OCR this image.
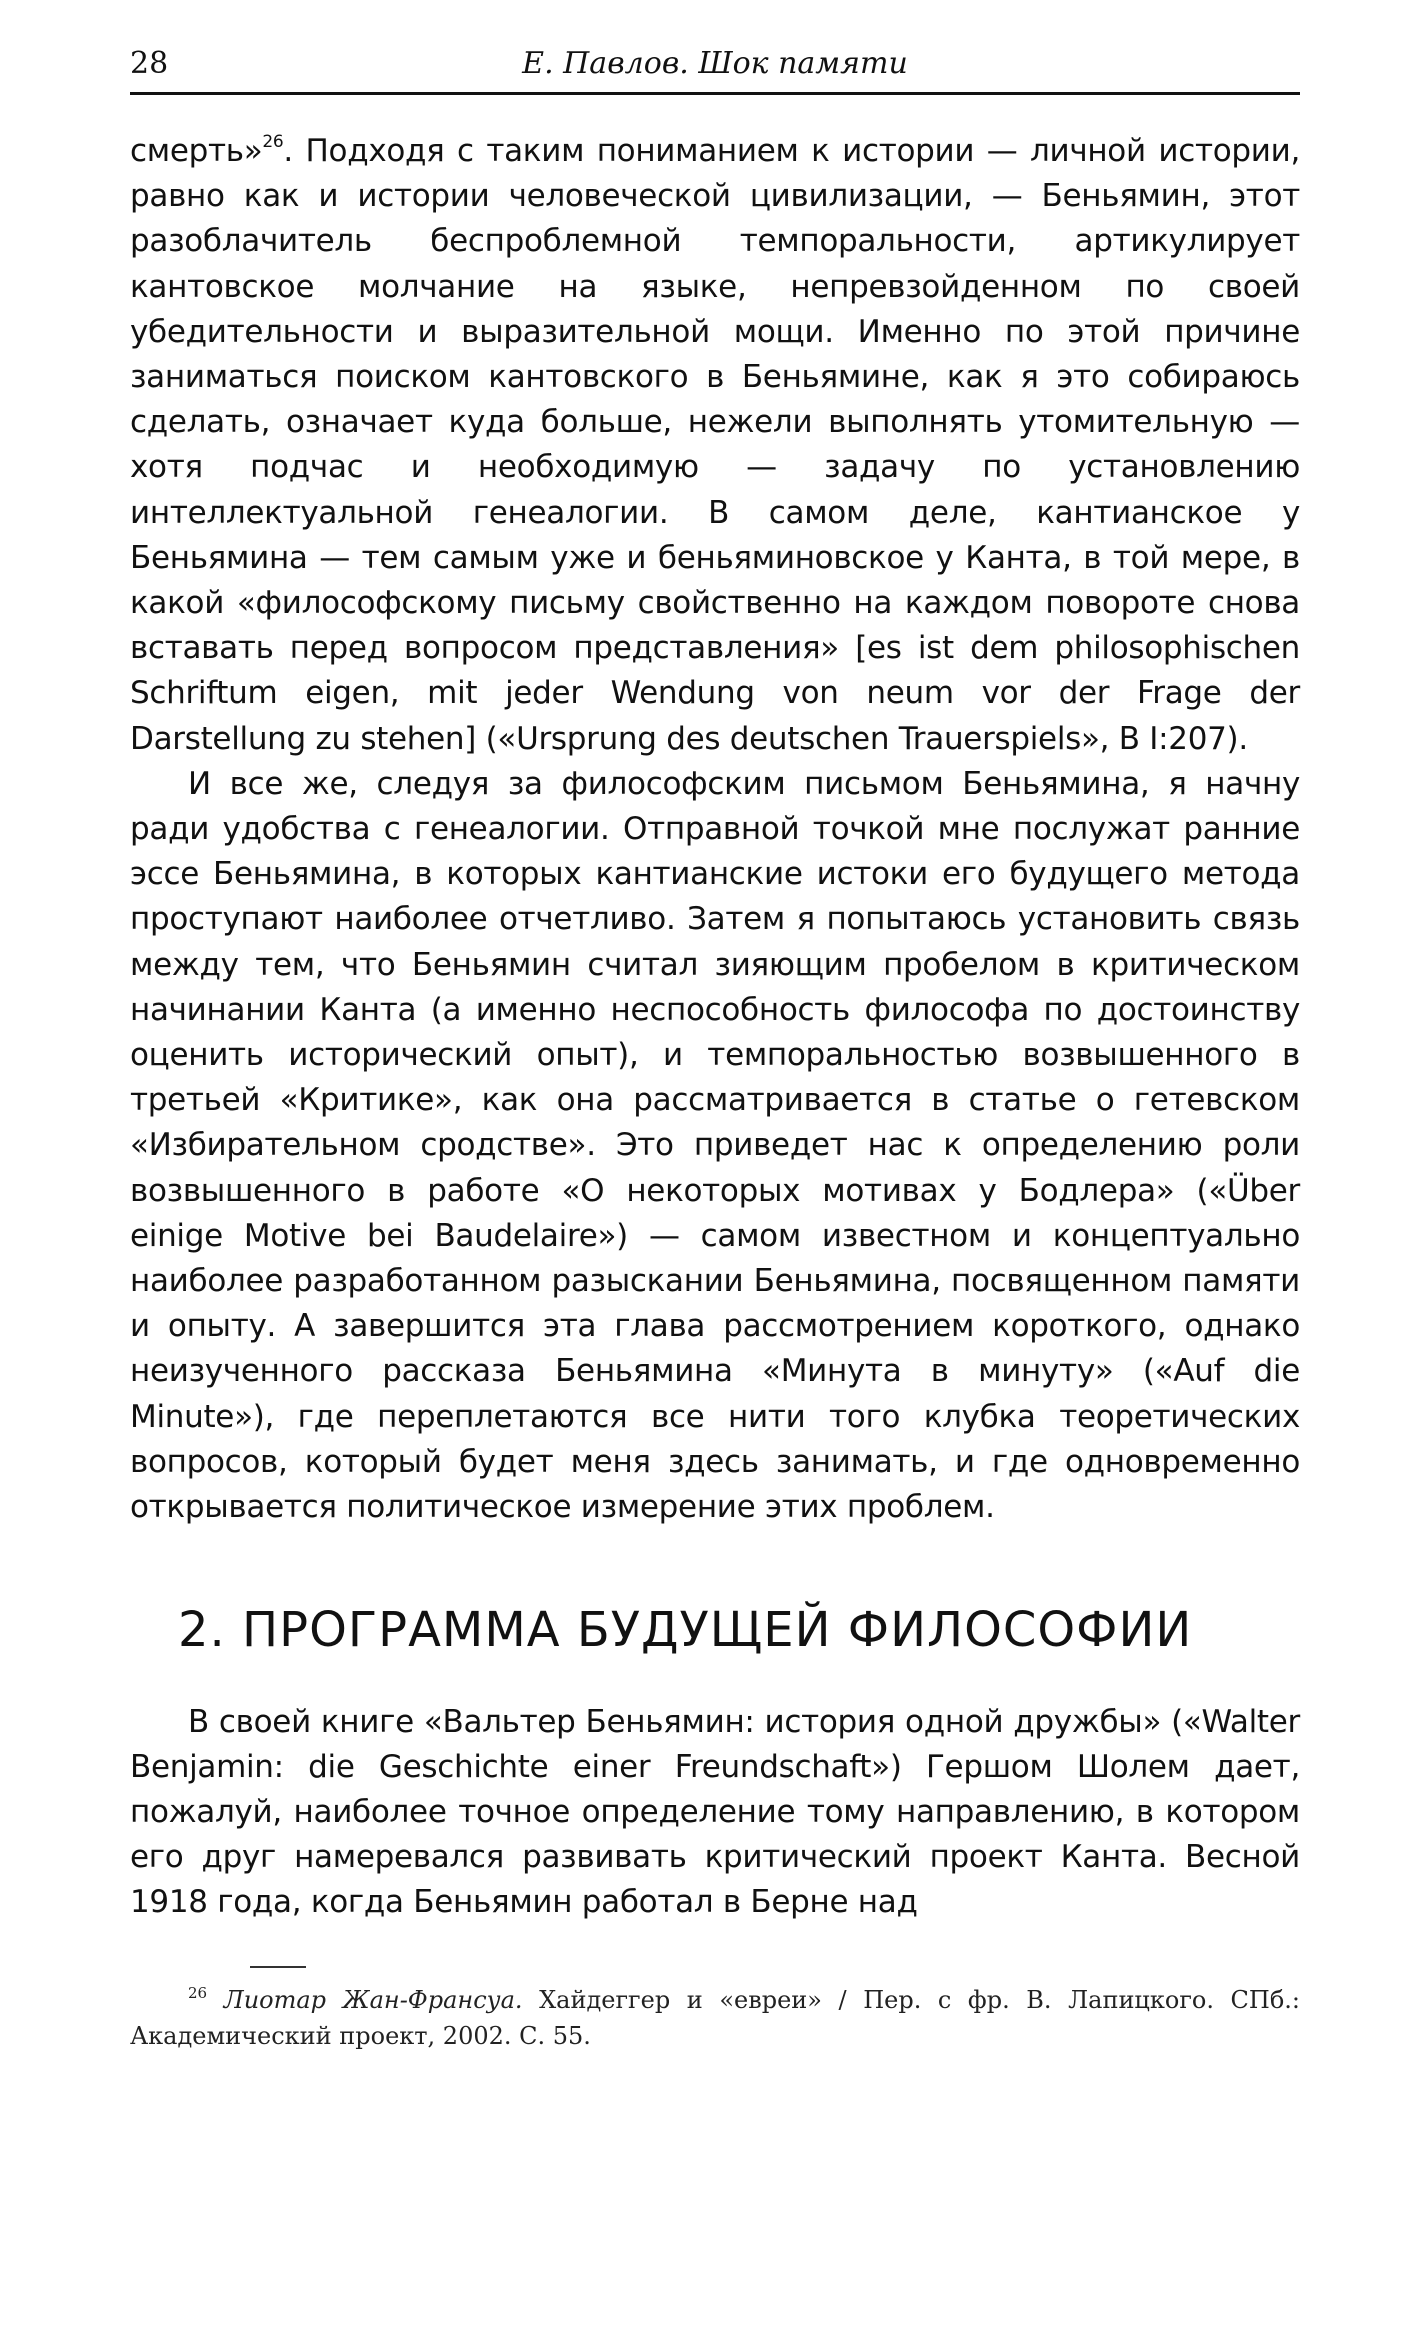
28	Е. Павлов. Шок памяти

смерть»$^{26}$. Подходя с таким пониманием к истории — личной истории, равно как и истории человеческой цивилизации, — Беньямин, этот разоблачитель беспроблемной темпоральности, артикулирует кантовское молчание на языке, непревзойденном по своей убедительности и выразительной мощи. Именно по этой причине заниматься поиском кантовского в Беньямине, как я это собираюсь сделать, означает куда больше, нежели выполнять утомительную — хотя подчас и необходимую — задачу по установлению интеллектуальной генеалогии. В самом деле, кантианское у Беньямина — тем самым уже и беньяминовское у Канта, в той мере, в какой «философскому письму свойственно на каждом повороте снова вставать перед вопросом представления» [es ist dem philosophischen Schriftum eigen, mit jeder Wendung von neum vor der Frage der Darstellung zu stehen] («Ursprung des deutschen Trauerspiels», B I:207).

И все же, следуя за философским письмом Беньямина, я начну ради удобства с генеалогии. Отправной точкой мне послужат ранние эссе Беньямина, в которых кантианские истоки его будущего метода проступают наиболее отчетливо. Затем я попытаюсь установить связь между тем, что Беньямин считал зияющим пробелом в критическом начинании Канта (а именно неспособность философа по достоинству оценить исторический опыт), и темпоральностью возвышенного в третьей «Критике», как она рассматривается в статье о гетевском «Избирательном сродстве». Это приведет нас к определению роли возвышенного в работе «О некоторых мотивах у Бодлера» («Über einige Motive bei Baudelaire») — самом известном и концептуально наиболее разработанном разыскании Беньямина, посвященном памяти и опыту. А завершится эта глава рассмотрением короткого, однако неизученного рассказа Беньямина «Минута в минуту» («Auf die Minute»), где переплетаются все нити того клубка теоретических вопросов, который будет меня здесь занимать, и где одновременно открывается политическое измерение этих проблем.

2. ПРОГРАММА БУДУЩЕЙ ФИЛОСОФИИ

В своей книге «Вальтер Беньямин: история одной дружбы» («Walter Benjamin: die Geschichte einer Freundschaft») Гершом Шолем дает, пожалуй, наиболее точное определение тому направлению, в котором его друг намеревался развивать критический проект Канта. Весной 1918 года, когда Беньямин работал в Берне над

$^{26}$ Лиотар Жан-Франсуа. Хайдеггер и «евреи» / Пер. с фр. В. Лапицкого. СПб.: Академический проект, 2002. С. 55.
